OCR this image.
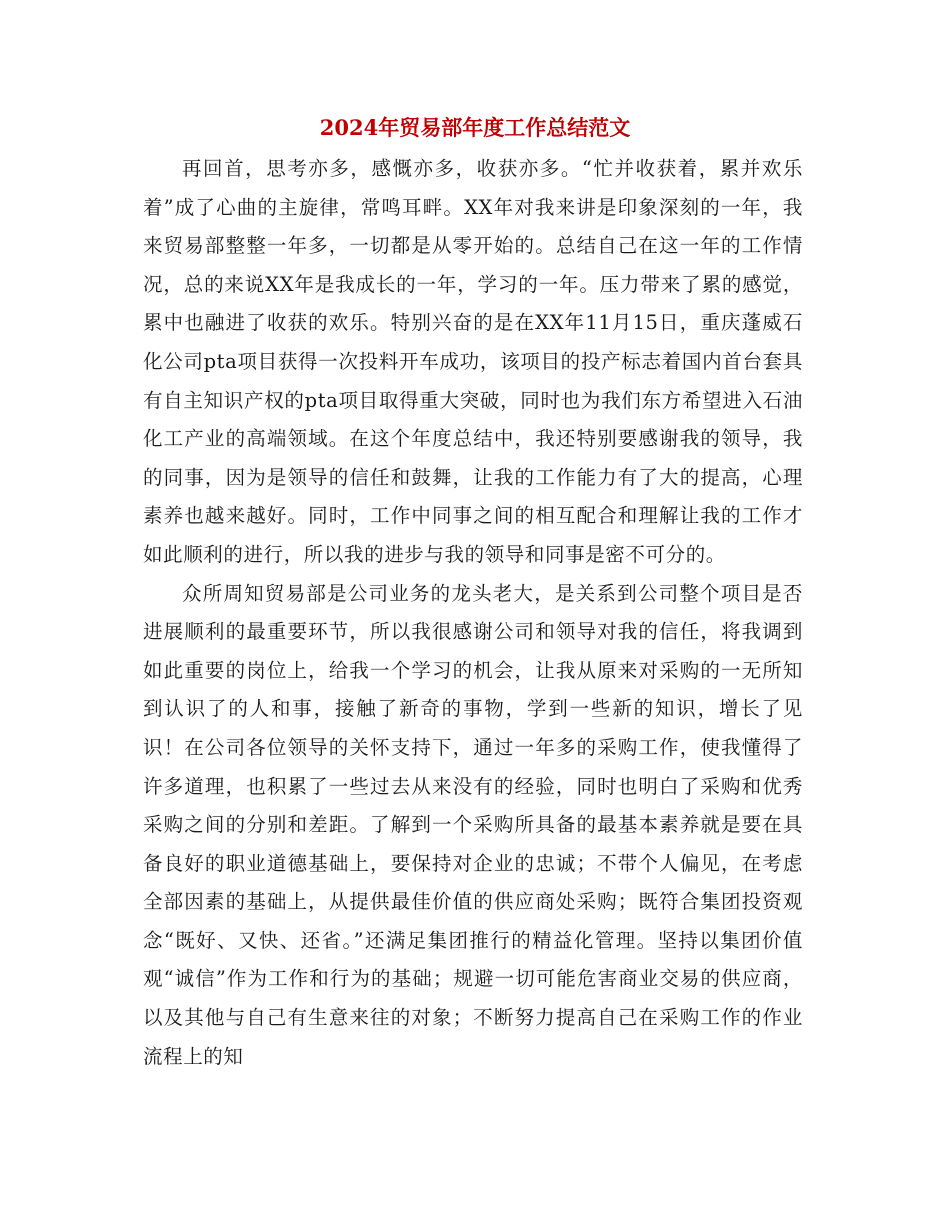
2024年贸易部年度工作总结范文

再回首，思考亦多，感慨亦多，收获亦多。“忙并收获着，累并欢乐着”成了心曲的主旋律，常鸣耳畔。XX年对我来讲是印象深刻的一年，我来贸易部整整一年多，一切都是从零开始的。总结自己在这一年的工作情况，总的来说XX年是我成长的一年，学习的一年。压力带来了累的感觉，累中也融进了收获的欢乐。特别兴奋的是在XX年11月15日，重庆蓬威石化公司pta项目获得一次投料开车成功，该项目的投产标志着国内首台套具有自主知识产权的pta项目取得重大突破，同时也为我们东方希望进入石油化工产业的高端领域。在这个年度总结中，我还特别要感谢我的领导，我的同事，因为是领导的信任和鼓舞，让我的工作能力有了大的提高，心理素养也越来越好。同时，工作中同事之间的相互配合和理解让我的工作才如此顺利的进行，所以我的进步与我的领导和同事是密不可分的。

众所周知贸易部是公司业务的龙头老大，是关系到公司整个项目是否进展顺利的最重要环节，所以我很感谢公司和领导对我的信任，将我调到如此重要的岗位上，给我一个学习的机会，让我从原来对采购的一无所知到认识了的人和事，接触了新奇的事物，学到一些新的知识，增长了见识！在公司各位领导的关怀支持下，通过一年多的采购工作，使我懂得了许多道理，也积累了一些过去从来没有的经验，同时也明白了采购和优秀采购之间的分别和差距。了解到一个采购所具备的最基本素养就是要在具备良好的职业道德基础上，要保持对企业的忠诚；不带个人偏见，在考虑全部因素的基础上，从提供最佳价值的供应商处采购；既符合集团投资观念“既好、又快、还省。”还满足集团推行的精益化管理。坚持以集团价值观“诚信”作为工作和行为的基础；规避一切可能危害商业交易的供应商，以及其他与自己有生意来往的对象；不断努力提高自己在采购工作的作业流程上的知
